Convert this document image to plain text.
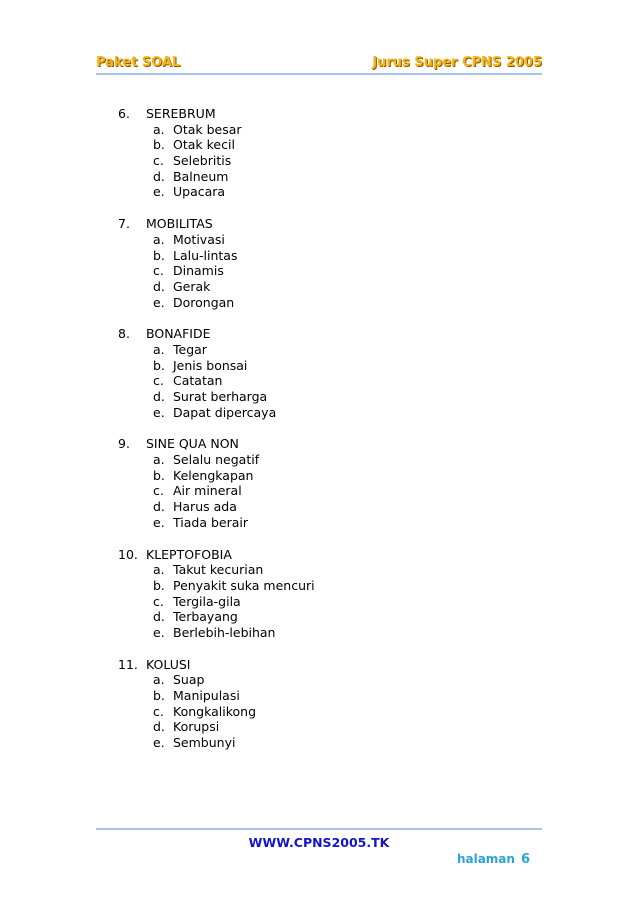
Paket SOAL	Jurus Super CPNS 2005
6. SEREBRUM
a. Otak besar
b. Otak kecil
c. Selebritis
d. Balneum
e. Upacara
7. MOBILITAS
a. Motivasi
b. Lalu-lintas
c. Dinamis
d. Gerak
e. Dorongan
8. BONAFIDE
a. Tegar
b. Jenis bonsai
c. Catatan
d. Surat berharga
e. Dapat dipercaya
9. SINE QUA NON
a. Selalu negatif
b. Kelengkapan
c. Air mineral
d. Harus ada
e. Tiada berair
10. KLEPTOFOBIA
a. Takut kecurian
b. Penyakit suka mencuri
c. Tergila-gila
d. Terbayang
e. Berlebih-lebihan
11. KOLUSI
a. Suap
b. Manipulasi
c. Kongkalikong
d. Korupsi
e. Sembunyi
WWW.CPNS2005.TK
halaman 6
